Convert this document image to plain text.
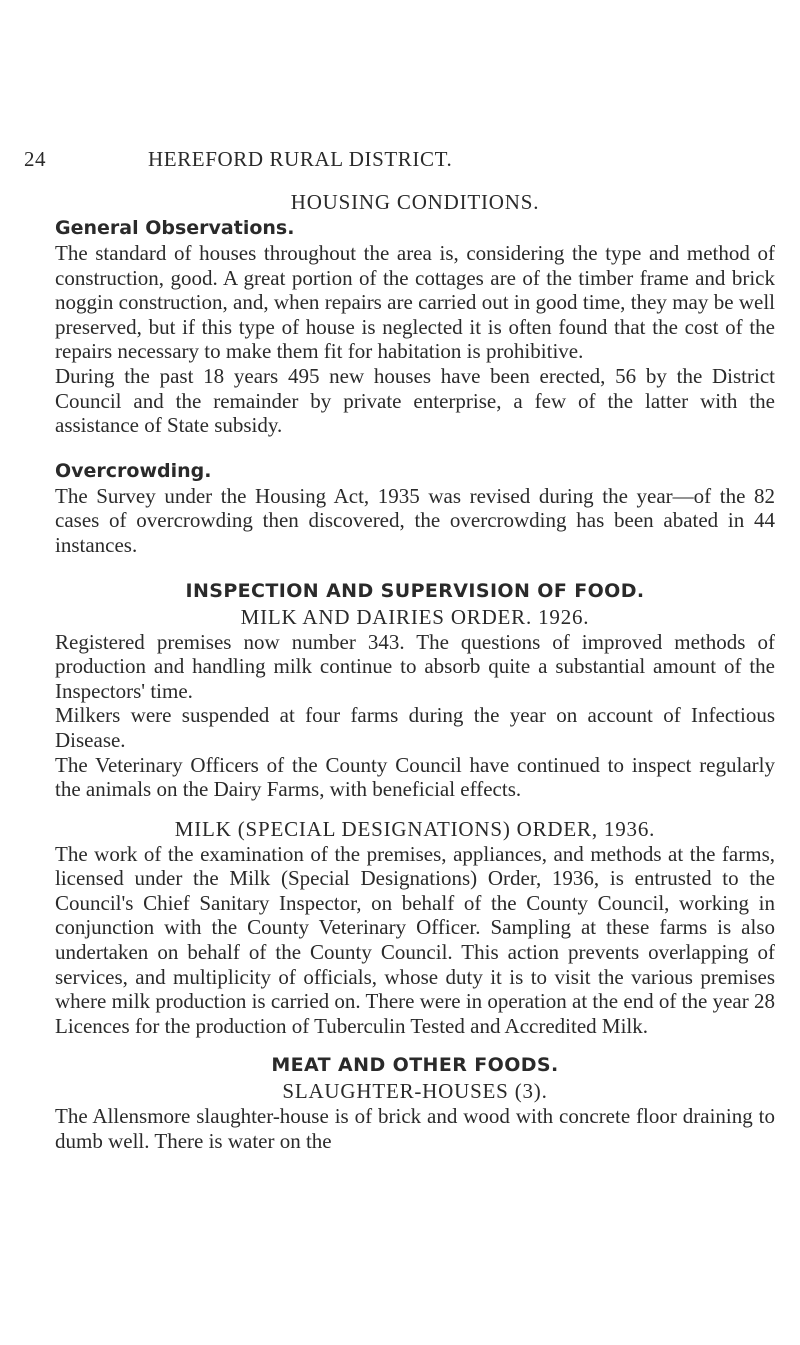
24	HEREFORD RURAL DISTRICT.
HOUSING CONDITIONS.
General Observations.

The standard of houses throughout the area is, considering the type and method of construction, good. A great portion of the cottages are of the timber frame and brick noggin construction, and, when repairs are carried out in good time, they may be well preserved, but if this type of house is neglected it is often found that the cost of the repairs necessary to make them fit for habitation is prohibitive.

During the past 18 years 495 new houses have been erected, 56 by the District Council and the remainder by private enterprise, a few of the latter with the assistance of State subsidy.

Overcrowding.

The Survey under the Housing Act, 1935 was revised during the year—of the 82 cases of overcrowding then discovered, the overcrowding has been abated in 44 instances.

INSPECTION AND SUPERVISION OF FOOD.
MILK AND DAIRIES ORDER. 1926.

Registered premises now number 343. The questions of improved methods of production and handling milk continue to absorb quite a substantial amount of the Inspectors' time.

Milkers were suspended at four farms during the year on account of Infectious Disease.

The Veterinary Officers of the County Council have continued to inspect regularly the animals on the Dairy Farms, with beneficial effects.

MILK (SPECIAL DESIGNATIONS) ORDER, 1936.

The work of the examination of the premises, appliances, and methods at the farms, licensed under the Milk (Special Designations) Order, 1936, is entrusted to the Council's Chief Sanitary Inspector, on behalf of the County Council, working in conjunction with the County Veterinary Officer. Sampling at these farms is also undertaken on behalf of the County Council. This action prevents overlapping of services, and multiplicity of officials, whose duty it is to visit the various premises where milk production is carried on. There were in operation at the end of the year 28 Licences for the production of Tuberculin Tested and Accredited Milk.

MEAT AND OTHER FOODS.
SLAUGHTER-HOUSES (3).

The Allensmore slaughter-house is of brick and wood with concrete floor draining to dumb well. There is water on the
